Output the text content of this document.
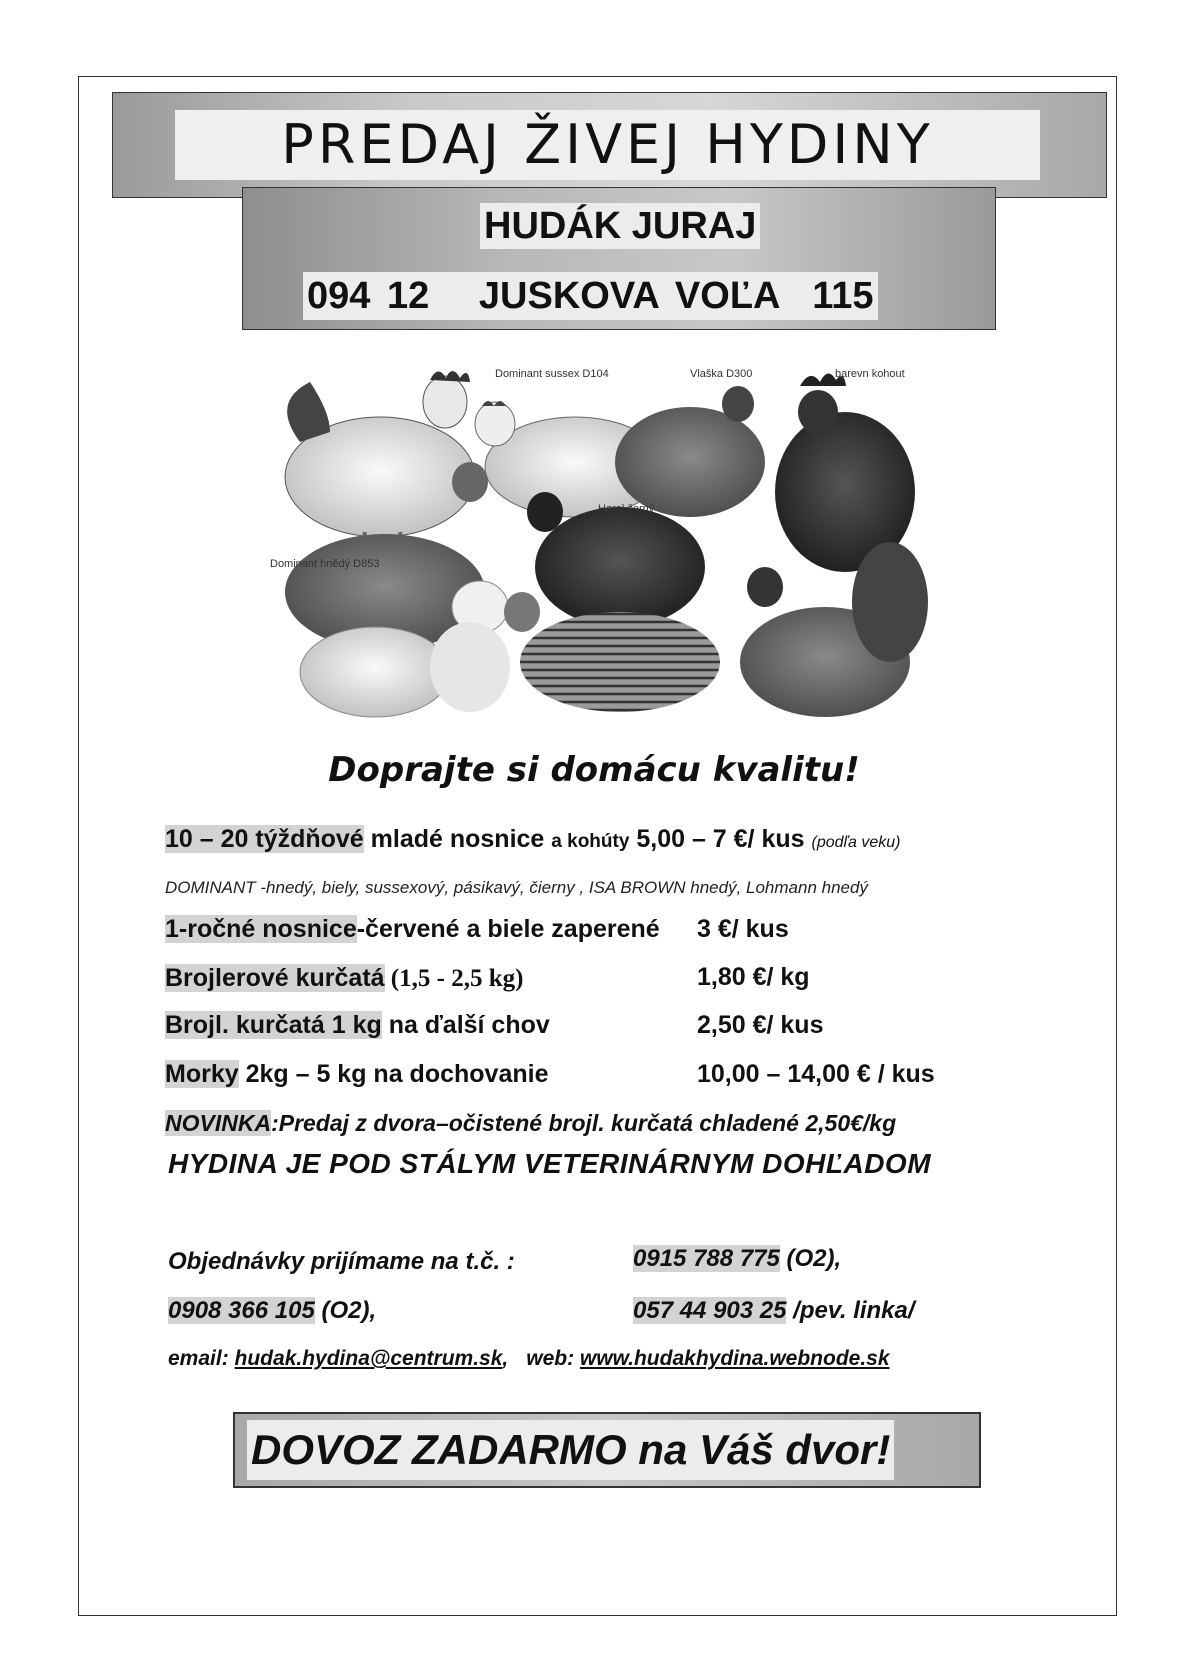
PREDAJ ŽIVEJ HYDINY
HUDÁK JURAJ
094 12   JUSKOVA VOĽA  115
Dominant sussex D104	Vlaška D300	barevn kohout
Horal černý
Dominant hnědý D853
Doprajte si domácu kvalitu!
10 – 20 týždňové mladé nosnice a kohúty 5,00 – 7 €/ kus (podľa veku)
DOMINANT -hnedý, biely, sussexový, pásikavý, čierny , ISA BROWN hnedý, Lohmann hnedý
1-ročné nosnice-červené a biele zaperené 3 €/ kus
Brojlerové kurčatá (1,5 - 2,5 kg)	1,80 €/ kg
Brojl. kurčatá 1 kg na ďalší chov	2,50 €/ kus
Morky 2kg – 5 kg na dochovanie	10,00 – 14,00 € / kus
NOVINKA:Predaj z dvora–očistené brojl. kurčatá chladené 2,50€/kg
HYDINA JE POD STÁLYM VETERINÁRNYM DOHĽADOM
Objednávky prijímame na t.č. :	0915 788 775 (O2),
0908 366 105 (O2),	057 44 903 25 /pev. linka/
email: hudak.hydina@centrum.sk, web: www.hudakhydina.webnode.sk
DOVOZ ZADARMO na Váš dvor!
